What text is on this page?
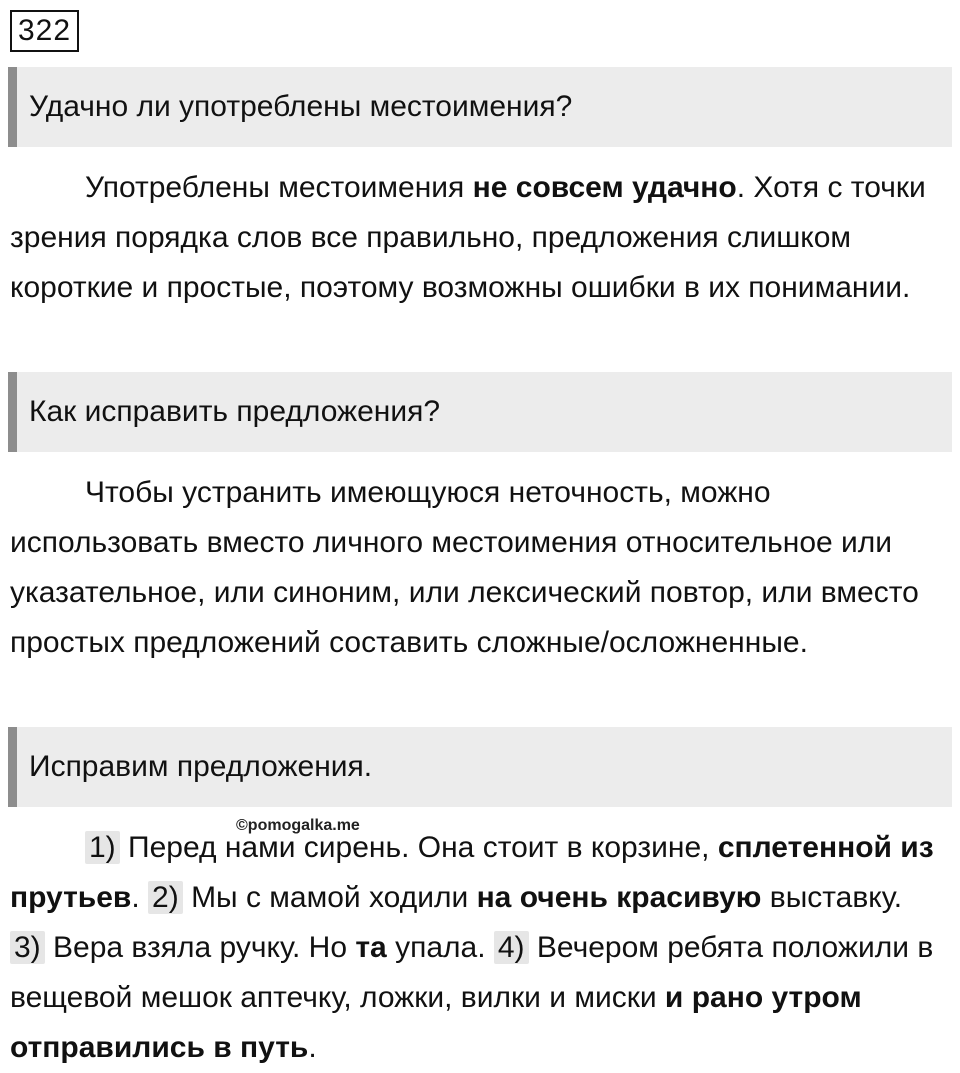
322
Удачно ли употреблены местоимения?

Употреблены местоимения не совсем удачно. Хотя с точки зрения порядка слов все правильно, предложения слишком короткие и простые, поэтому возможны ошибки в их понимании.

Как исправить предложения?

Чтобы устранить имеющуюся неточность, можно использовать вместо личного местоимения относительное или указательное, или синоним, или лексический повтор, или вместо простых предложений составить сложные/осложненные.

Исправим предложения.
©pomogalka.me

1) Перед нами сирень. Она стоит в корзине, сплетенной из прутьев. 2) Мы с мамой ходили на очень красивую выставку. 3) Вера взяла ручку. Но та упала. 4) Вечером ребята положили в вещевой мешок аптечку, ложки, вилки и миски и рано утром отправились в путь.
